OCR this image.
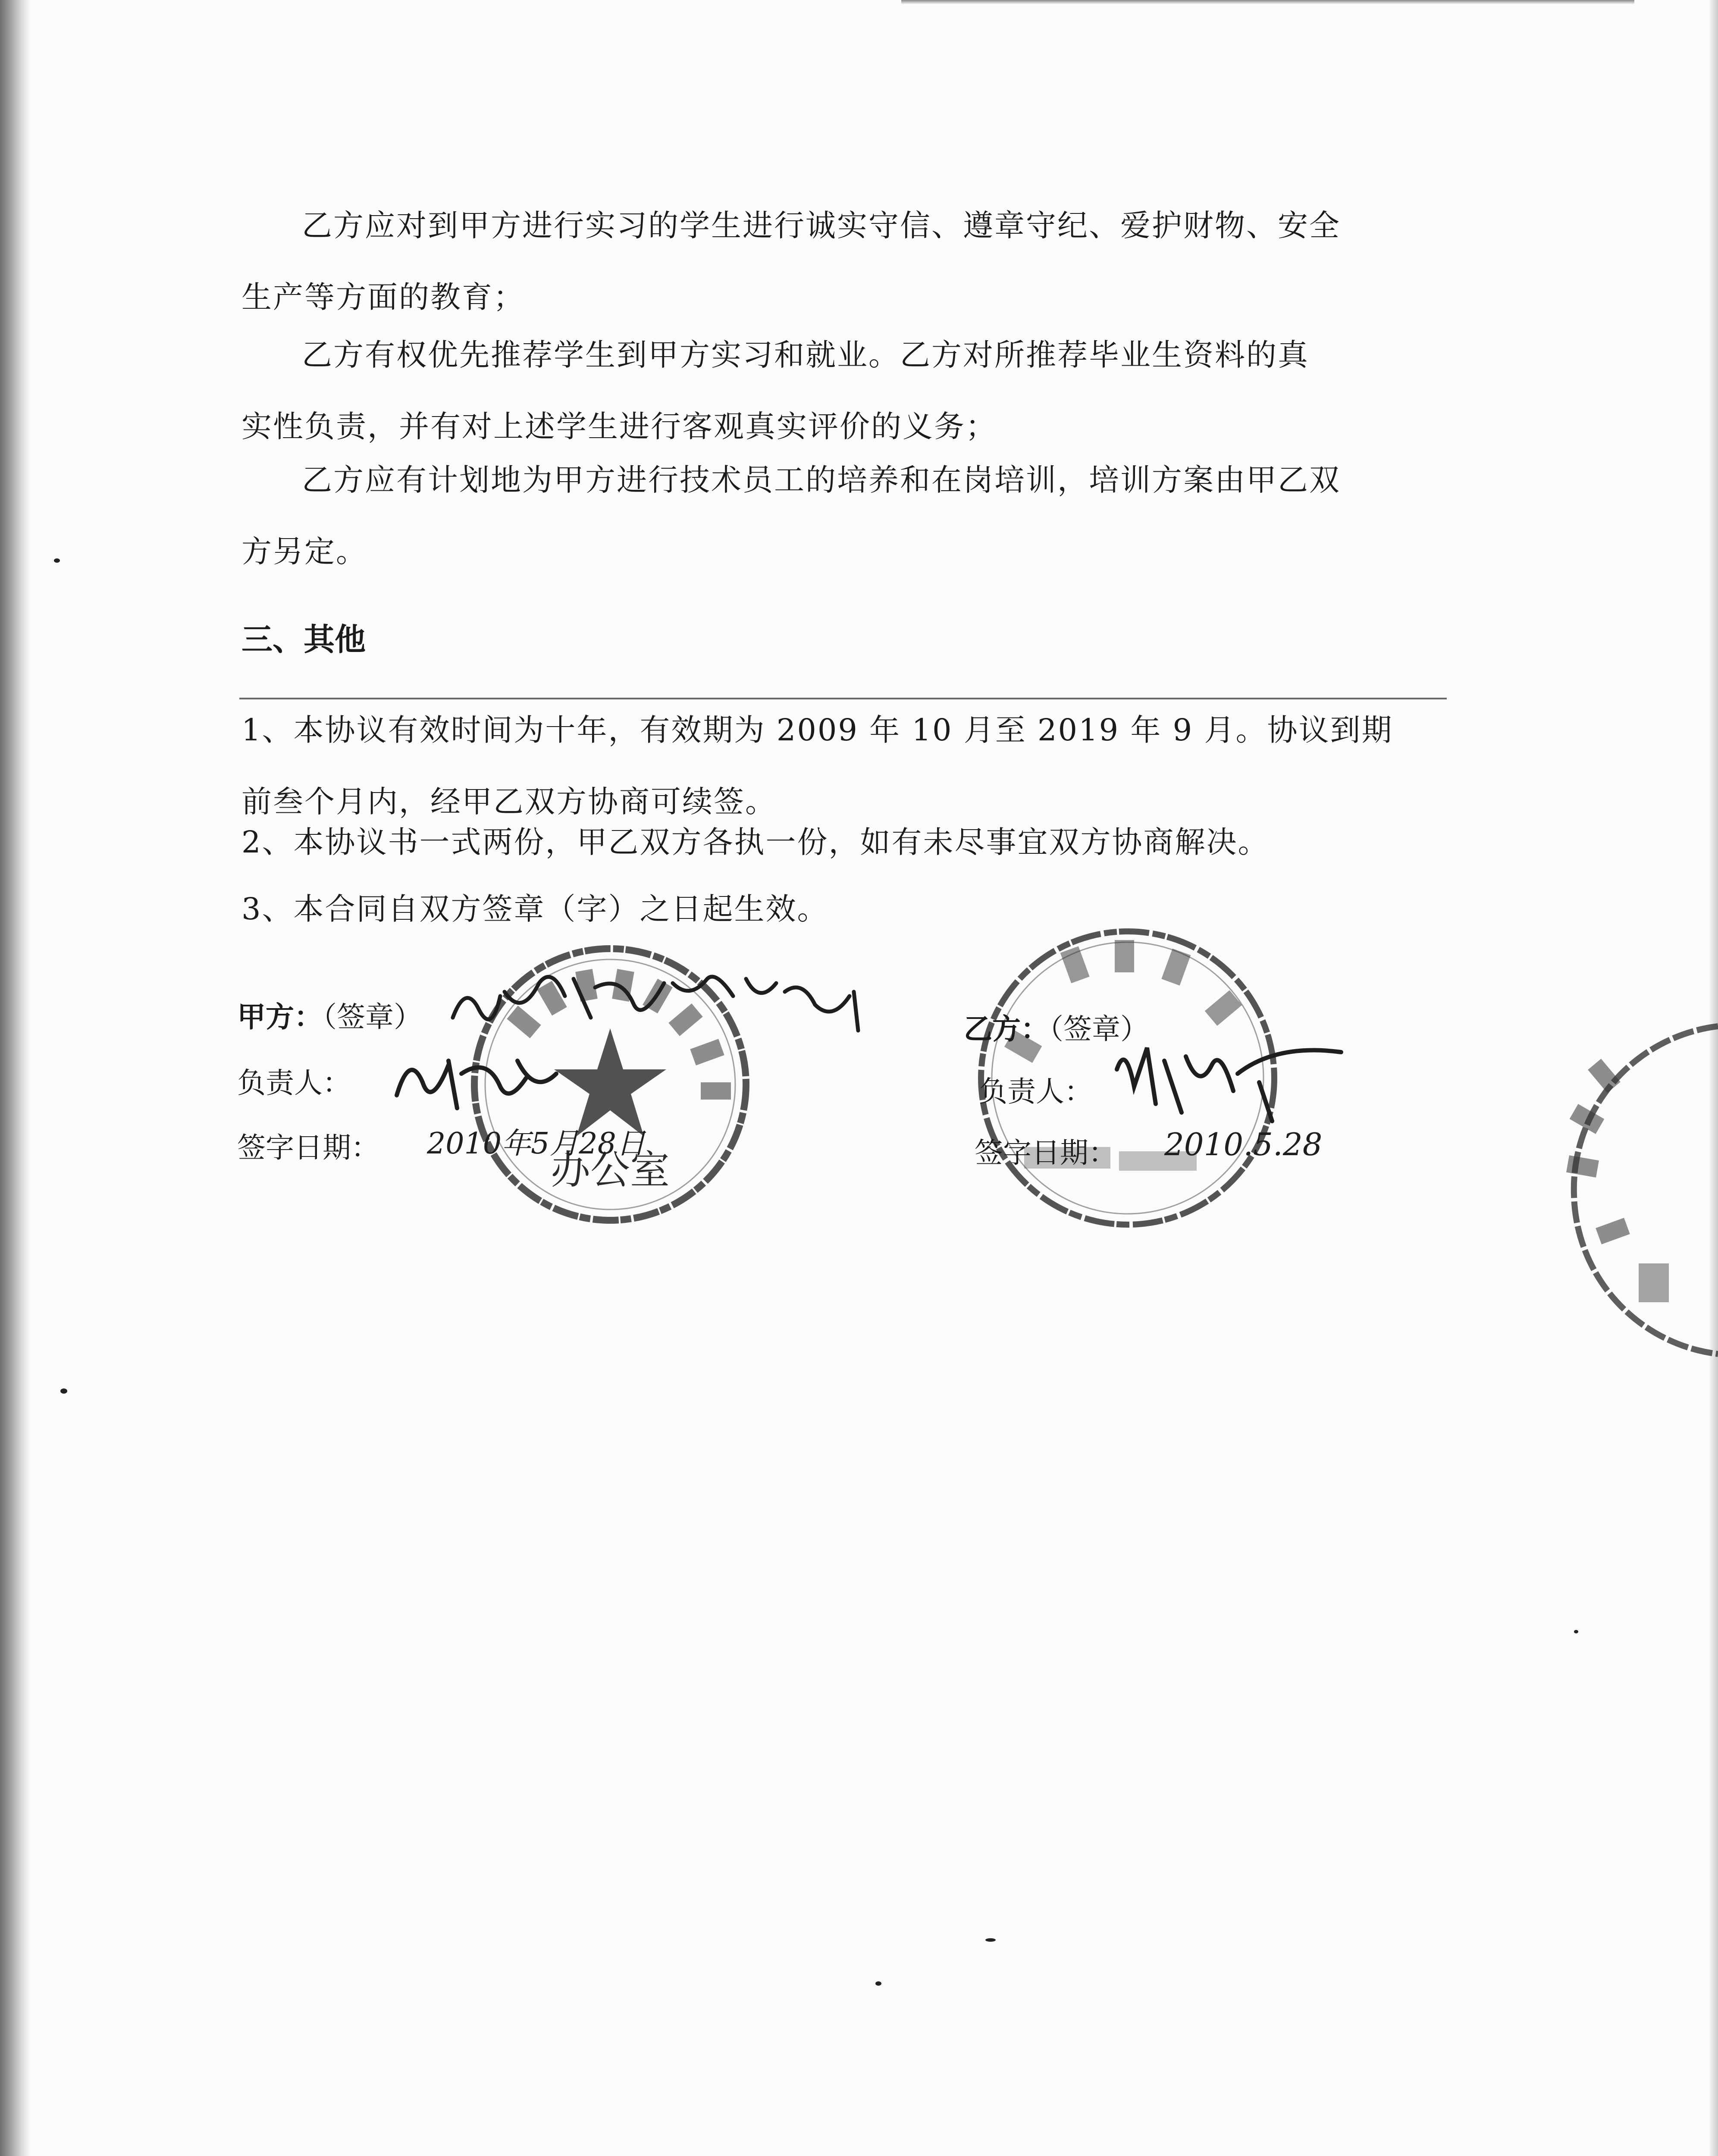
乙方应对到甲方进行实习的学生进行诚实守信、遵章守纪、爱护财物、安全
生产等方面的教育；

乙方有权优先推荐学生到甲方实习和就业。乙方对所推荐毕业生资料的真
实性负责，并有对上述学生进行客观真实评价的义务；

乙方应有计划地为甲方进行技术员工的培养和在岗培训，培训方案由甲乙双
方另定。

三、其他

1、本协议有效时间为十年，有效期为 2009 年 10 月至 2019 年 9 月。协议到期前叁个月内，经甲乙双方协商可续签。

2、本协议书一式两份，甲乙双方各执一份，如有未尽事宜双方协商解决。

3、本合同自双方签章（字）之日起生效。

办公室
甲方：（签章）
负责人：
签字日期： 2010年5月28日
乙方：（签章）
负责人：
签字日期： 2010.5.28
